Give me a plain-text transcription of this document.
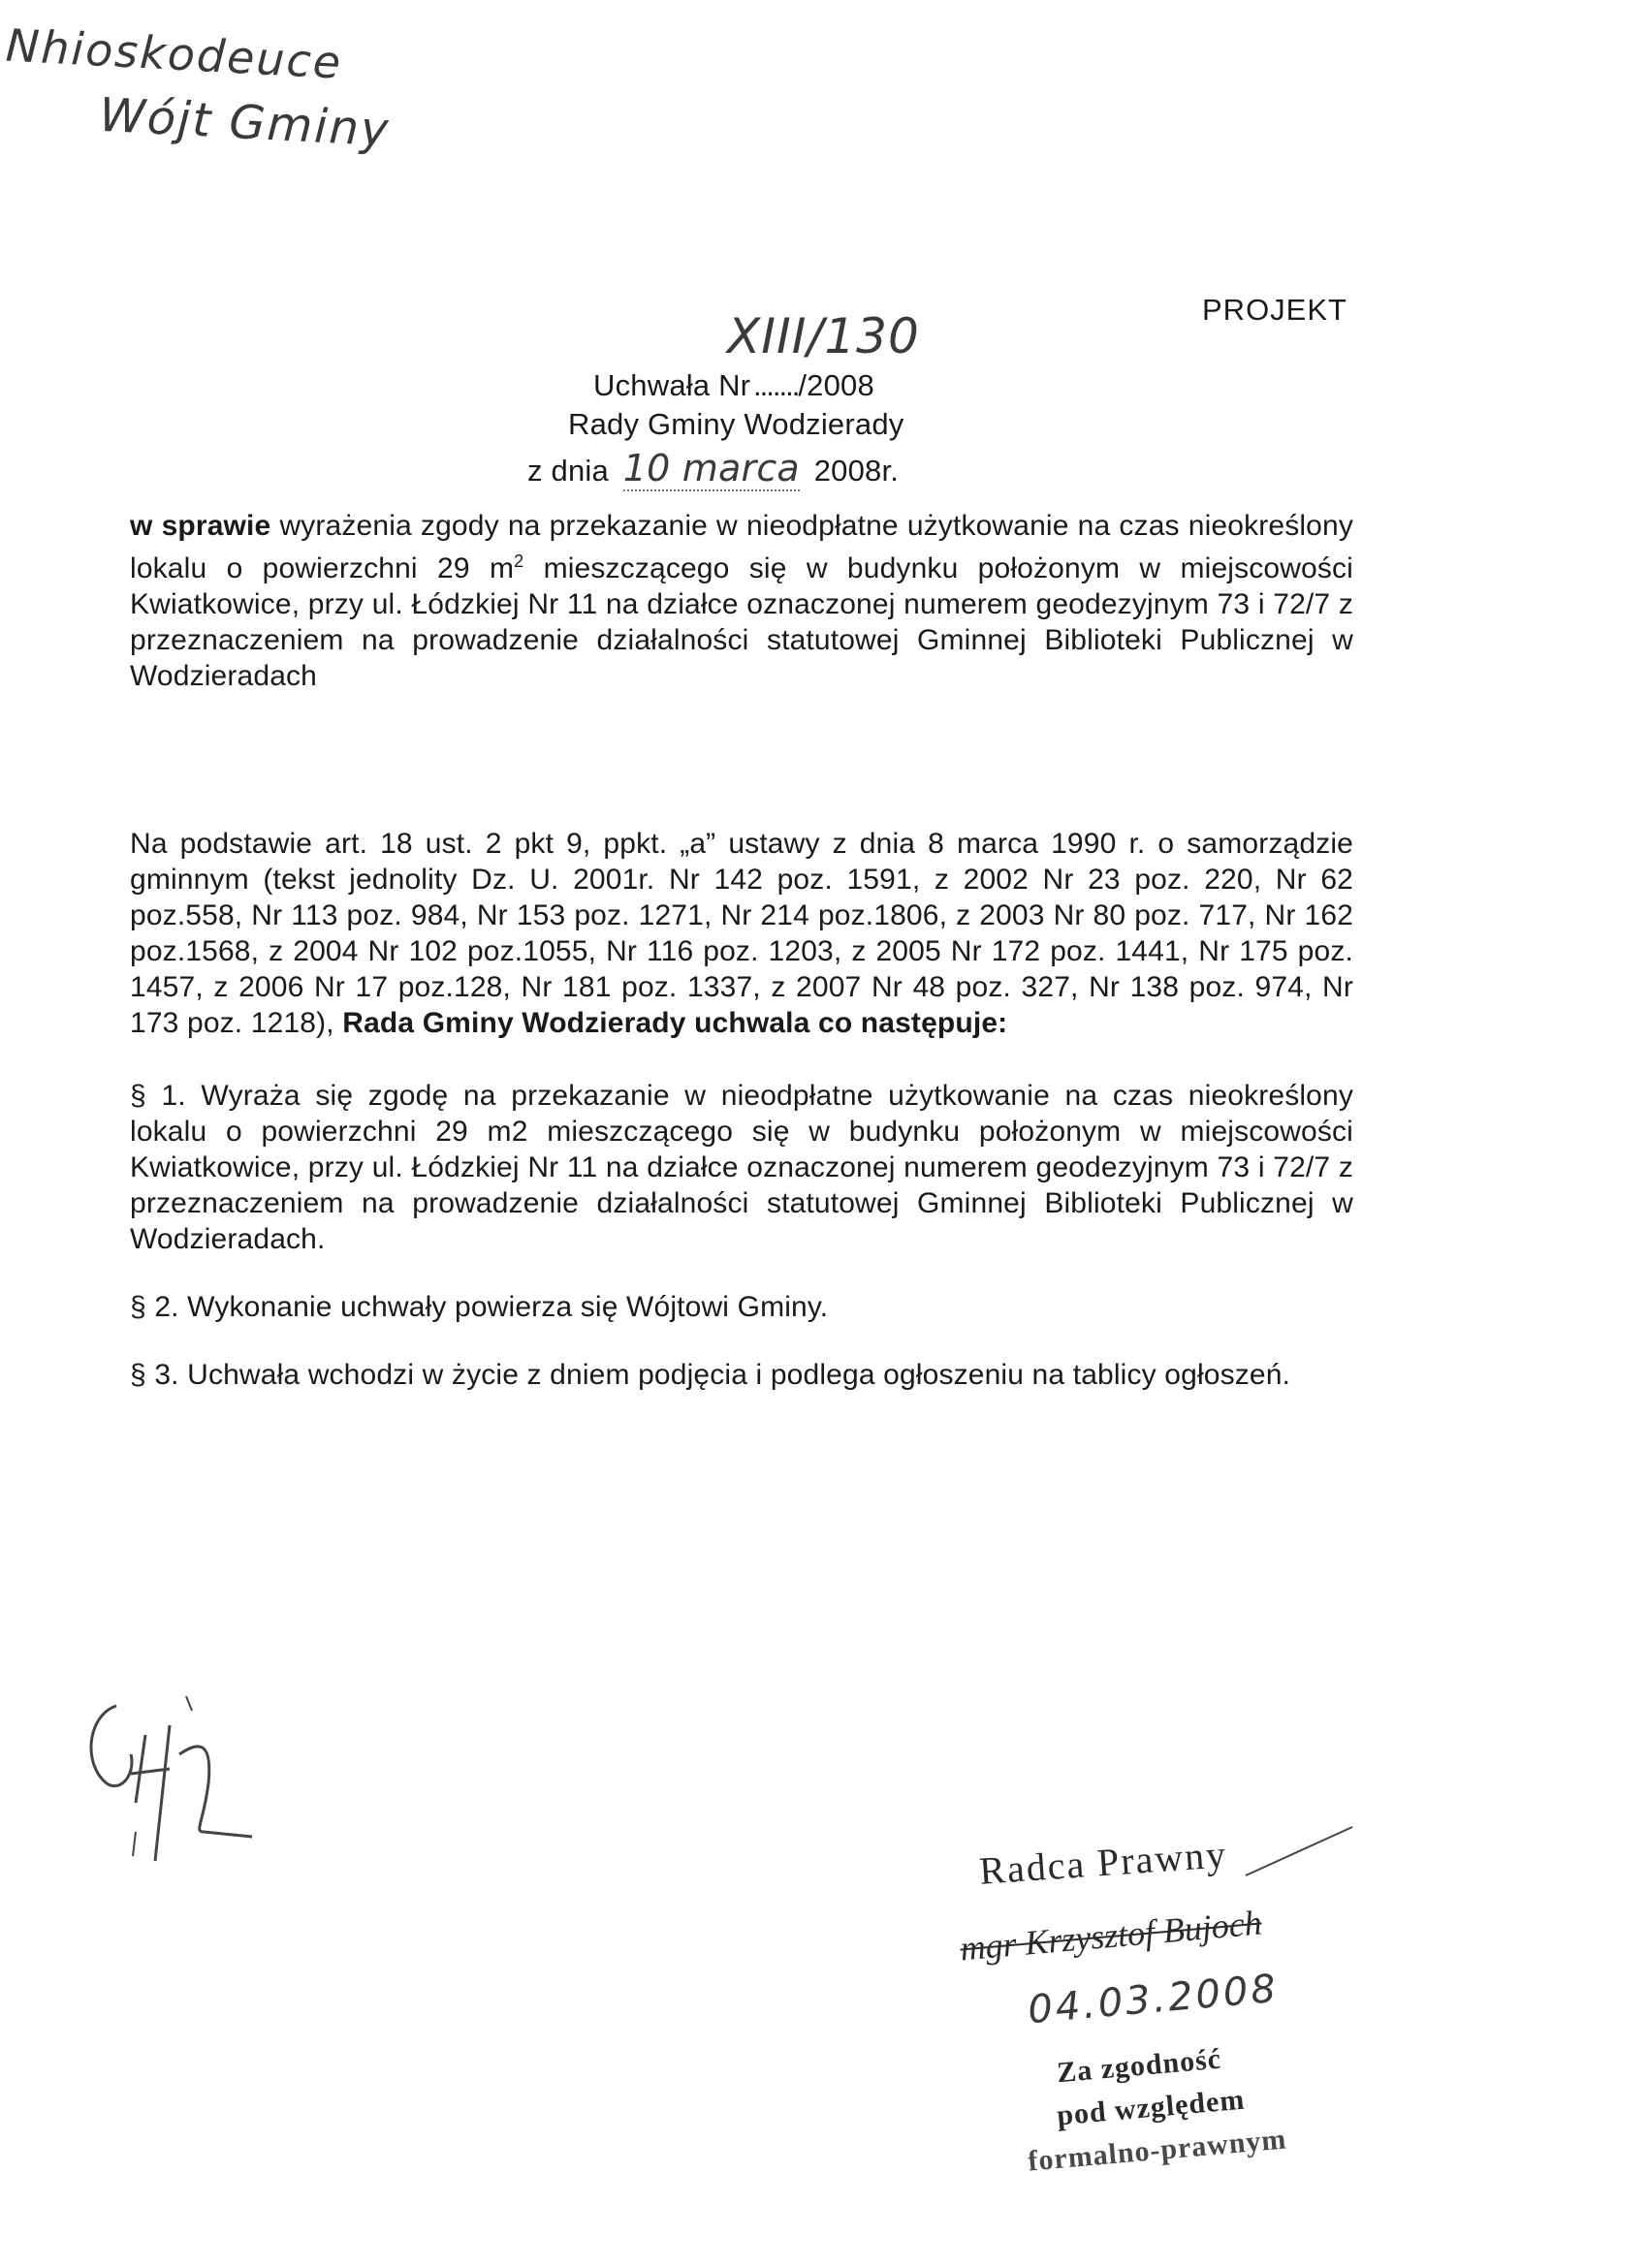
Nhioskodeuce
Wójt Gminy
PROJEKT
XIII/130
Uchwała Nr ......./2008
Rady Gminy Wodzierady
z dnia 10 marca 2008r.

w sprawie wyrażenia zgody na przekazanie w nieodpłatne użytkowanie na czas nieokreślony lokalu o powierzchni 29 $m^2$ mieszczącego się w budynku położonym w miejscowości Kwiatkowice, przy ul. Łódzkiej Nr 11 na działce oznaczonej numerem geodezyjnym 73 i 72/7 z przeznaczeniem na prowadzenie działalności statutowej Gminnej Biblioteki Publicznej w Wodzieradach

Na podstawie art. 18 ust. 2 pkt 9, ppkt. „a” ustawy z dnia 8 marca 1990 r. o samorządzie gminnym (tekst jednolity Dz. U. 2001r. Nr 142 poz. 1591, z 2002 Nr 23 poz. 220, Nr 62 poz.558, Nr 113 poz. 984, Nr 153 poz. 1271, Nr 214 poz.1806, z 2003 Nr 80 poz. 717, Nr 162 poz.1568, z 2004 Nr 102 poz.1055, Nr 116 poz. 1203, z 2005 Nr 172 poz. 1441, Nr 175 poz. 1457, z 2006 Nr 17 poz.128, Nr 181 poz. 1337, z 2007 Nr 48 poz. 327, Nr 138 poz. 974, Nr 173 poz. 1218), Rada Gminy Wodzierady uchwala co następuje:

§ 1. Wyraża się zgodę na przekazanie w nieodpłatne użytkowanie na czas nieokreślony lokalu o powierzchni 29 m2 mieszczącego się w budynku położonym w miejscowości Kwiatkowice, przy ul. Łódzkiej Nr 11 na działce oznaczonej numerem geodezyjnym 73 i 72/7 z przeznaczeniem na prowadzenie działalności statutowej Gminnej Biblioteki Publicznej w Wodzieradach.
§ 2. Wykonanie uchwały powierza się Wójtowi Gminy.
§ 3. Uchwała wchodzi w życie z dniem podjęcia i podlega ogłoszeniu na tablicy ogłoszeń.
Radca Prawny
mgr Krzysztof Bujoch
04.03.2008
Za zgodność
pod względem
formalno-prawnym
